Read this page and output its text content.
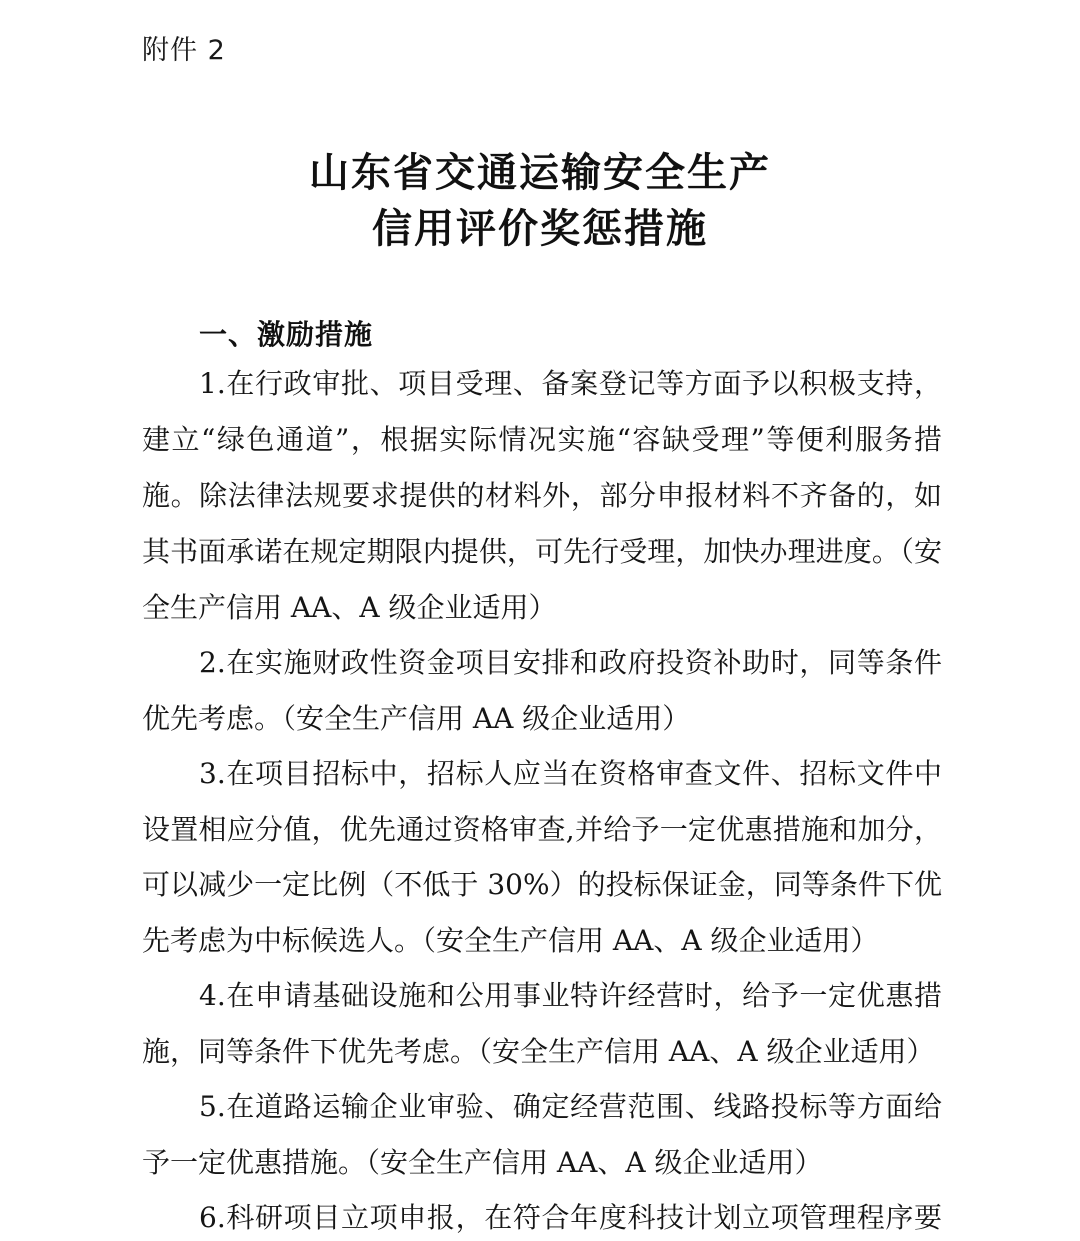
附件 2
山东省交通运输安全生产
信用评价奖惩措施
一、激励措施
1.在行政审批、项目受理、备案登记等方面予以积极支持，
建立“绿色通道”，根据实际情况实施“容缺受理”等便利服务措
施。除法律法规要求提供的材料外，部分申报材料不齐备的，如
其书面承诺在规定期限内提供，可先行受理，加快办理进度。（安
全生产信用 AA、A 级企业适用）
2.在实施财政性资金项目安排和政府投资补助时，同等条件
优先考虑。（安全生产信用 AA 级企业适用）
3.在项目招标中，招标人应当在资格审查文件、招标文件中
设置相应分值，优先通过资格审查,并给予一定优惠措施和加分，
可以减少一定比例（不低于 30%）的投标保证金，同等条件下优
先考虑为中标候选人。（安全生产信用 AA、A 级企业适用）
4.在申请基础设施和公用事业特许经营时，给予一定优惠措
施，同等条件下优先考虑。（安全生产信用 AA、A 级企业适用）
5.在道路运输企业审验、确定经营范围、线路投标等方面给
予一定优惠措施。（安全生产信用 AA、A 级企业适用）
6.科研项目立项申报，在符合年度科技计划立项管理程序要
